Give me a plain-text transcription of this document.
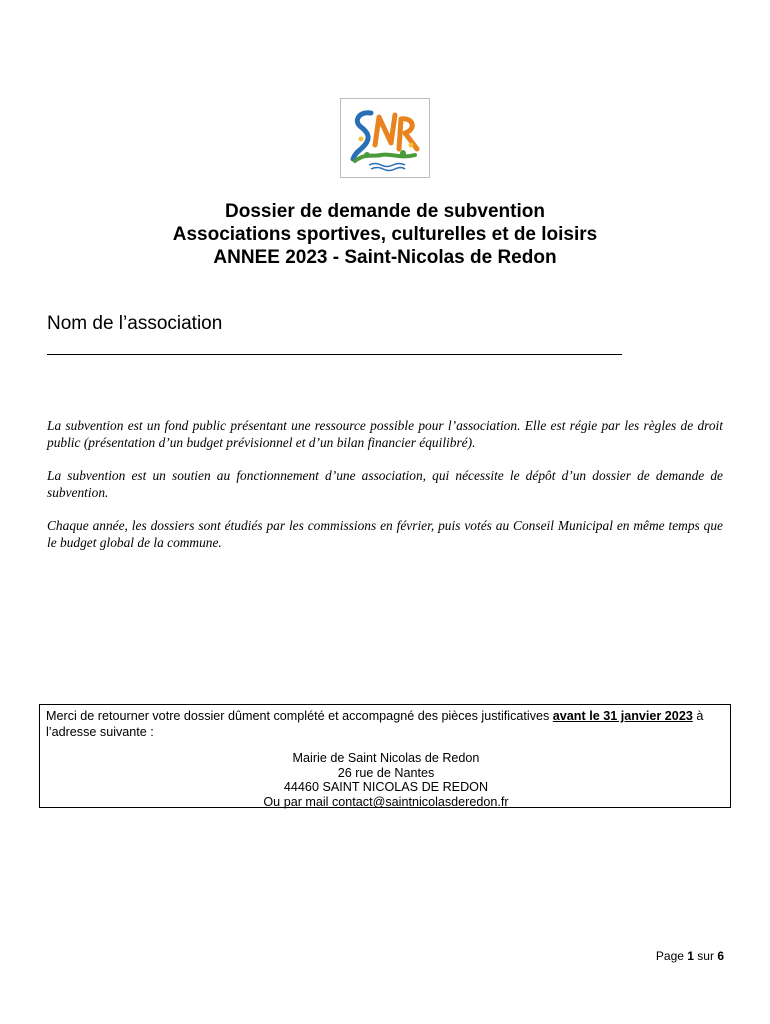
Dossier de demande de subvention
Associations sportives, culturelles et de loisirs
ANNEE 2023 - Saint-Nicolas de Redon
Nom de l’association

La subvention est un fond public présentant une ressource possible pour l’association. Elle est régie par les règles de droit public (présentation d’un budget prévisionnel et d’un bilan financier équilibré).

La subvention est un soutien au fonctionnement d’une association, qui nécessite le dépôt d’un dossier de demande de subvention.

Chaque année, les dossiers sont étudiés par les commissions en février, puis votés au Conseil Municipal en même temps que le budget global de la commune.

Merci de retourner votre dossier dûment complété et accompagné des pièces justificatives avant le 31 janvier 2023 à l’adresse suivante :
Mairie de Saint Nicolas de Redon
26 rue de Nantes
44460 SAINT NICOLAS DE REDON
Ou par mail contact@saintnicolasderedon.fr
Page 1 sur 6
